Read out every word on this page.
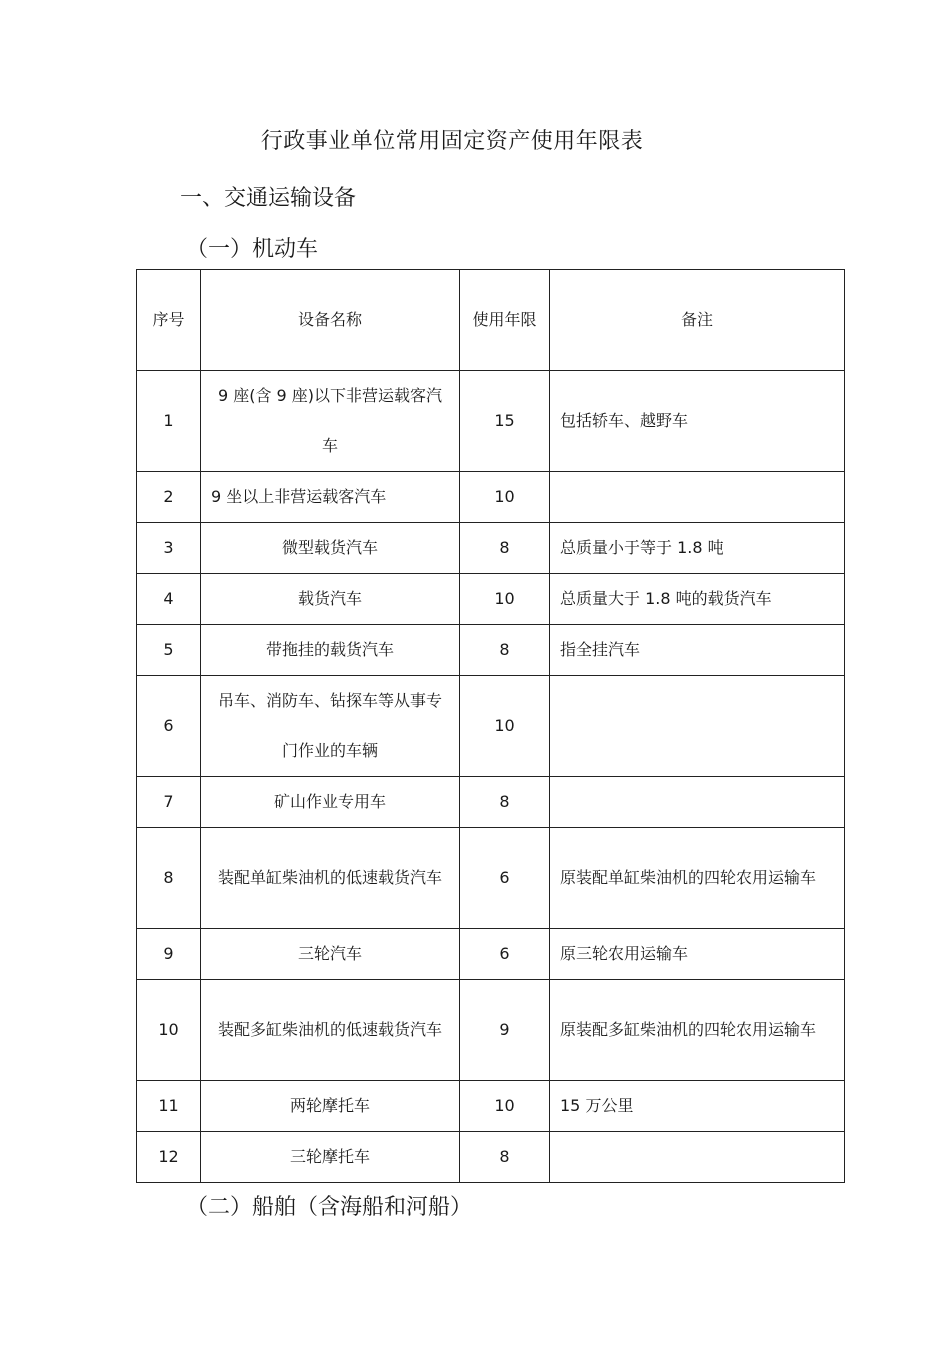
行政事业单位常用固定资产使用年限表
一、交通运输设备
（一）机动车
序号	设备名称	使用年限	备注
1	9 座(含 9 座)以下非营运载客汽车	15	包括轿车、越野车
2	9 坐以上非营运载客汽车	10	
3	微型载货汽车	8	总质量小于等于 1.8 吨
4	载货汽车	10	总质量大于 1.8 吨的载货汽车
5	带拖挂的载货汽车	8	指全挂汽车
6	吊车、消防车、钻探车等从事专门作业的车辆	10	
7	矿山作业专用车	8	
8	装配单缸柴油机的低速载货汽车	6	原装配单缸柴油机的四轮农用运输车
9	三轮汽车	6	原三轮农用运输车
10	装配多缸柴油机的低速载货汽车	9	原装配多缸柴油机的四轮农用运输车
11	两轮摩托车	10	15 万公里
12	三轮摩托车	8	
（二）船舶（含海船和河船）
